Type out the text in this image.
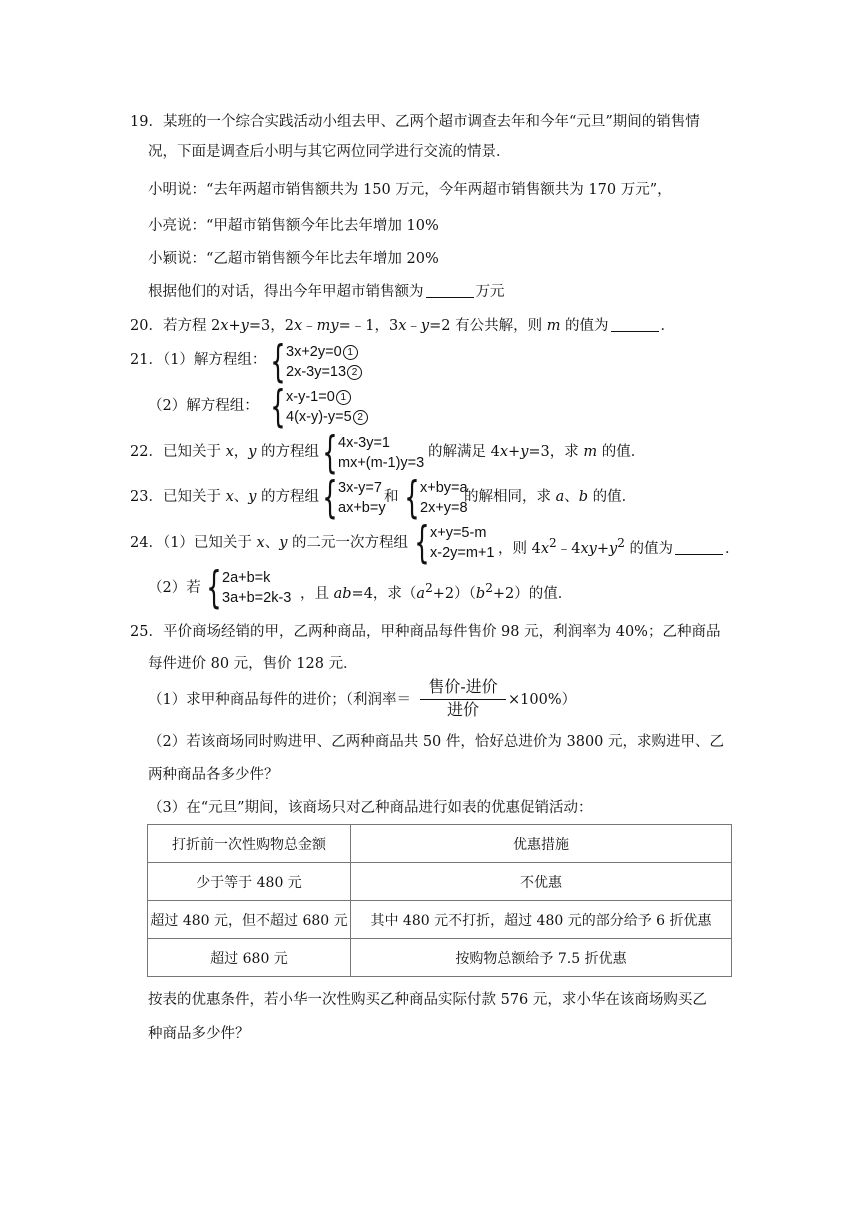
19．某班的一个综合实践活动小组去甲、乙两个超市调查去年和今年“元旦”期间的销售情
况，下面是调查后小明与其它两位同学进行交流的情景．
小明说：“去年两超市销售额共为 150 万元，今年两超市销售额共为 170 万元”，
小亮说：“甲超市销售额今年比去年增加 10%
小颖说：“乙超市销售额今年比去年增加 20%
根据他们的对话，得出今年甲超市销售额为	万元
20．若方程 2x+y=3，2x﹣my=﹣1，3x﹣y=2 有公共解，则 m 的值为	．
21．（1）解方程组： { 3x+2y=0 1
2x-3y=13 2
（2）解方程组： { x-y-1=0 1
4(x-y)-y=5 2
22．已知关于 x，y 的方程组 { 4x-3y=1
mx+(m-1)y=3
的解满足 4x+y=3，求 m 的值．
23．已知关于 x、y 的方程组 { 3x-y=7
ax+b=y
和 { x+by=a
2x+y=8
的解相同，求 a、b 的值．
24．（1）已知关于 x、y 的二元一次方程组 { x+y=5-m
x-2y=m+1 ，则 $4x^2﹣4xy+y^2$ 的值为	．
（2）若 { 2a+b=k
3a+b=2k-3 ，且 ab=4，求$(a^2+2)(b^2+2)$的值．
25．平价商场经销的甲，乙两种商品，甲种商品每件售价 98 元，利润率为 40%；乙种商品
每件进价 80 元，售价 128 元．
（1）求甲种商品每件的进价；（利润率＝
售价-进价
进价
×100%）
（2）若该商场同时购进甲、乙两种商品共 50 件，恰好总进价为 3800 元，求购进甲、乙
两种商品各多少件？
（3）在“元旦”期间，该商场只对乙种商品进行如表的优惠促销活动：
打折前一次性购物总金额	优惠措施
少于等于 480 元	不优惠
超过 480 元，但不超过 680 元	其中 480 元不打折，超过 480 元的部分给予 6 折优惠
超过 680 元	按购物总额给予 7.5 折优惠
按表的优惠条件，若小华一次性购买乙种商品实际付款 576 元，求小华在该商场购买乙
种商品多少件？
